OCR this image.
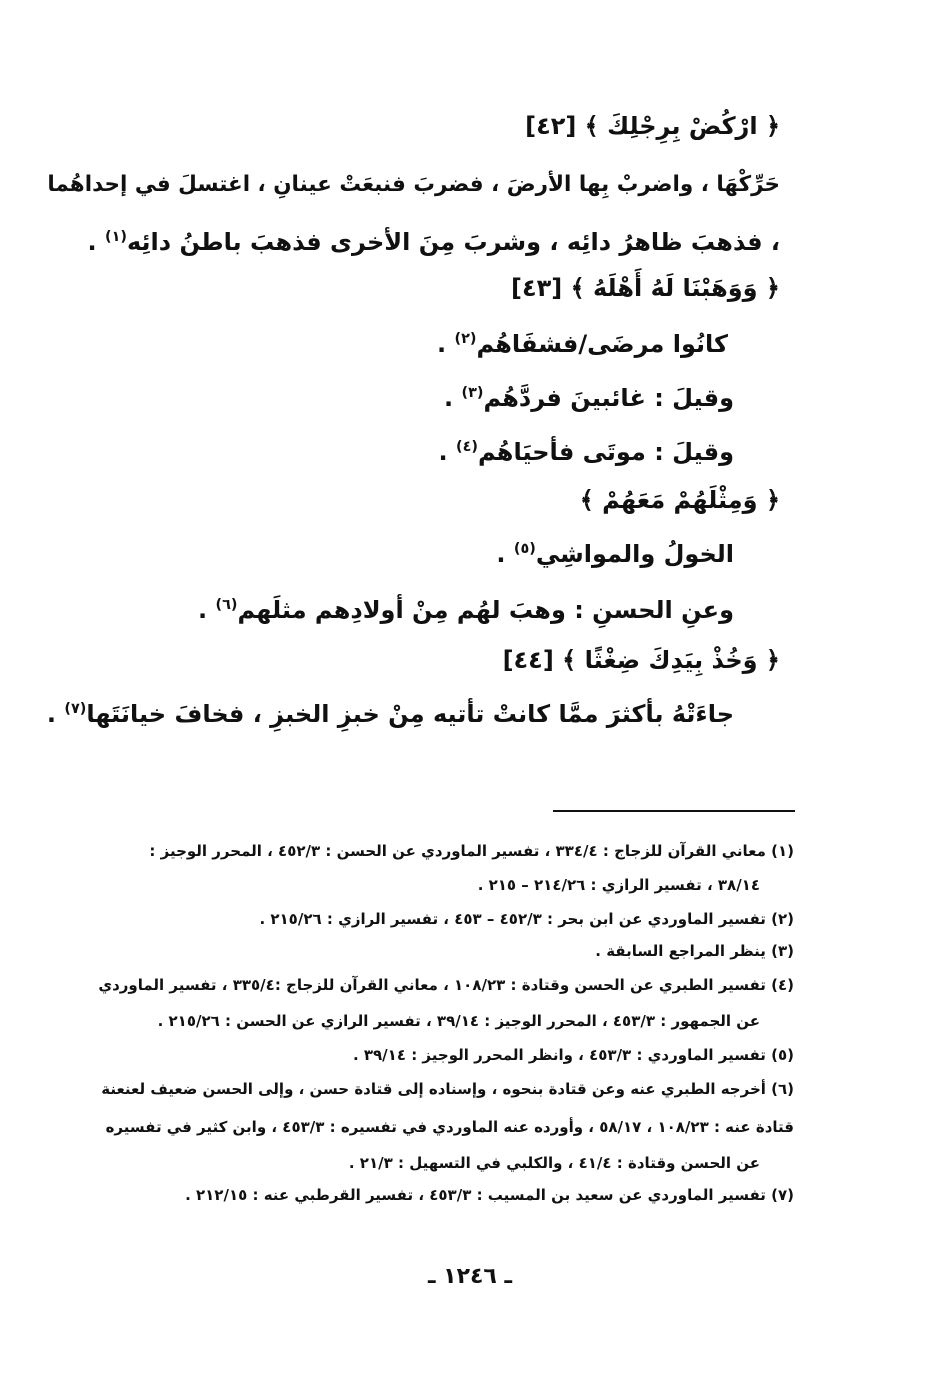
﴿ ارْكُضْ بِرِجْلِكَ ﴾ [٤٢]
حَرِّكْهَا ، واضربْ بِها الأرضَ ، فضربَ فنبعَتْ عينانِ ، اغتسلَ في إحداهُما
، فذهبَ ظاهرُ دائِه ، وشربَ مِنَ الأخرى فذهبَ باطنُ دائِه$^{(١)}$ .
﴿ وَوَهَبْنَا لَهُ أَهْلَهُ ﴾ [٤٣]
كانُوا مرضَى/فشفَاهُم$^{(٢)}$ .
وقيلَ : غائبينَ فردَّهُم$^{(٣)}$ .
وقيلَ : موتَى فأحيَاهُم$^{(٤)}$ .
﴿ وَمِثْلَهُمْ مَعَهُمْ ﴾
الخولُ والمواشِي$^{(٥)}$ .
وعنِ الحسنِ : وهبَ لهُم مِنْ أولادِهم مثلَهم$^{(٦)}$ .
﴿ وَخُذْ بِيَدِكَ ضِغْثًا ﴾ [٤٤]
جاءَتْهُ بأكثرَ ممَّا كانتْ تأتيه مِنْ خبزِ الخبزِ ، فخافَ خيانَتَها$^{(٧)}$ .
(١) معاني القرآن للزجاج : ٣٣٤/٤ ، تفسير الماوردي عن الحسن : ٤٥٢/٣ ، المحرر الوجيز :
٣٨/١٤ ، تفسير الرازي : ٢١٤/٢٦ – ٢١٥ .
(٢) تفسير الماوردي عن ابن بحر : ٤٥٢/٣ – ٤٥٣ ، تفسير الرازي : ٢١٥/٢٦ .
(٣) ينظر المراجع السابقة .
(٤) تفسير الطبري عن الحسن وقتادة : ١٠٨/٢٣ ، معاني القرآن للزجاج :٣٣٥/٤ ، تفسير الماوردي
عن الجمهور : ٤٥٣/٣ ، المحرر الوجيز : ٣٩/١٤ ، تفسير الرازي عن الحسن : ٢١٥/٢٦ .
(٥) تفسير الماوردي : ٤٥٣/٣ ، وانظر المحرر الوجيز : ٣٩/١٤ .
(٦) أخرجه الطبري عنه وعن قتادة بنحوه ، وإسناده إلى قتادة حسن ، وإلى الحسن ضعيف لعنعنة
قتادة عنه : ١٠٨/٢٣ ، ٥٨/١٧ ، وأورده عنه الماوردي في تفسيره : ٤٥٣/٣ ، وابن كثير في تفسيره
عن الحسن وقتادة : ٤١/٤ ، والكلبي في التسهيل : ٢١/٣ .
(٧) تفسير الماوردي عن سعيد بن المسيب : ٤٥٣/٣ ، تفسير القرطبي عنه : ٢١٢/١٥ .
ـ ١٢٤٦ ـ
